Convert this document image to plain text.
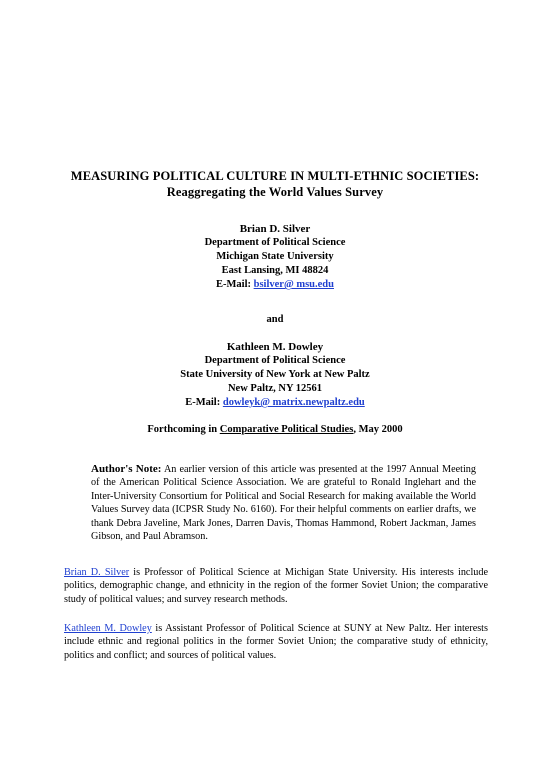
MEASURING POLITICAL CULTURE IN MULTI-ETHNIC SOCIETIES:
Reaggregating the World Values Survey
Brian D. Silver
Department of Political Science
Michigan State University
East Lansing, MI 48824
E-Mail: bsilver@ msu.edu
and
Kathleen M. Dowley
Department of Political Science
State University of New York at New Paltz
New Paltz, NY 12561
E-Mail: dowleyk@ matrix.newpaltz.edu
Forthcoming in Comparative Political Studies, May 2000
Author's Note: An earlier version of this article was presented at the 1997 Annual Meeting of the American Political Science Association. We are grateful to Ronald Inglehart and the Inter-University Consortium for Political and Social Research for making available the World Values Survey data (ICPSR Study No. 6160). For their helpful comments on earlier drafts, we thank Debra Javeline, Mark Jones, Darren Davis, Thomas Hammond, Robert Jackman, James Gibson, and Paul Abramson.
Brian D. Silver is Professor of Political Science at Michigan State University. His interests include politics, demographic change, and ethnicity in the region of the former Soviet Union; the comparative study of political values; and survey research methods.
Kathleen M. Dowley is Assistant Professor of Political Science at SUNY at New Paltz. Her interests include ethnic and regional politics in the former Soviet Union; the comparative study of ethnicity, politics and conflict; and sources of political values.
